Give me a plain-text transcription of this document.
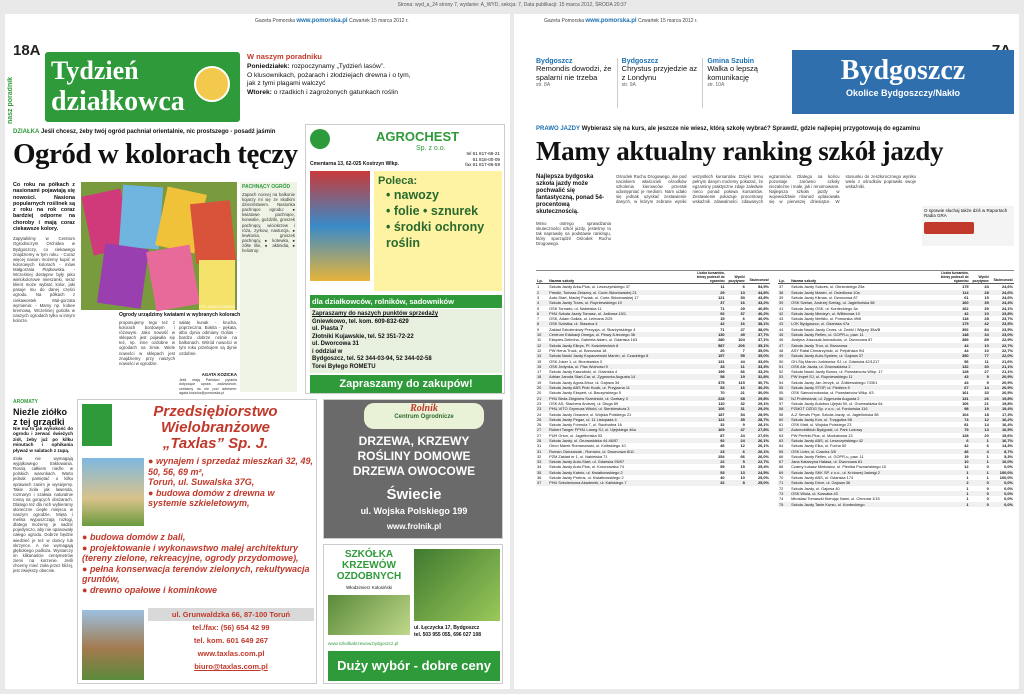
Strona: wyd_a_24 strony 7, wydanie: A_WYD, sekcja: 7, Data publikacji: 15 marca 2012, ŚRODA 20:37
Gazeta Pomorska www.pomorska.pl Czwartek 15 marca 2012 r.
18A
nasz poradnik
Tydzień
działkowca
W naszym poradniku
Poniedziałek: rozpoczynamy „Tydzień lasów”.
O klusownikach, pożarach i złodziejach drewna i o tym,
jak z tymi plagami walczyć
Wtorek: o rzadkich i zagrożonych gatunkach roślin
DZIAŁKA Jeśli chcesz, żeby twój ogród pachniał orientalnie, nic prostszego - posadź jaśmin
Ogród w kolorach tęczy
Co roku na półkach z nasionami pojawiają się nowości. Nasiona popularnych roślinek są z roku na rok coraz bardziej odporne na choroby i mają coraz ciekawsze kolory.
Zapytaliśmy w Centrum Ogrodniczym Orchidea w Bydgoszczy, co ciekawego znajdziemy w tym roku. - Coraz więcej nasion możemy kupić w kolorowych kolorach - mówi Małgorzata Piątkowska. - Wcześniej dostępne były jako wielokolorowe mieszanki, teraz klient może wybrać kolor, jaki pasuje mu do danej części ogrodu. Na półkach z ciekawostek Mal-gorzata wymienia: - Mamy np. kobee kremową. Wcześniej gościła w naszych ogrodach tylko w innym kolorze.
FOT. AGATA KOZICKA
Ogrody urządzimy kwiatami w wybranych kolorach
PACHNĄCY OGRÓD
Zapach nocnej na balkonie kojarzy mi się ze słodkim dzieciństwem. Nasionka pachnące ogrodu: ● kwiatowe pachnące, konwalie, gożdziki, groszek pachnący, wiciokrzew i róża, zyrkow, nasturcja, ● lewkonia, groszek pachnący, ● kotewka, ● żółte lilie, ● aktinidia, ● heliotrop
proponujemy tego też z kolorach bordowym i różowym. Jako nowość w sklepach jest pojawiła się też, np. inne ozdobne w ogrodach na zimie. Wiele nowości w sklepach jest znajdziemy przy naszych nowości w ogrodzie.
sałatę kunak - krucha, poprzeczna. Bokita - pękata, albo dynia odmiany Golias - bardzo dobrze rośnie na balkonach. Wśród nowości w tym roku przebojem są dynie ozdobne.
AGATA KOZICKA
Jeśli mają Państwo pytania dotyczące upraw, zadzwońcie, czekamy na nie pod adresem: agata.kozicka@pomorska.pl
AGROCHEST
Sp. z o.o.
Cmentarna 13, 62-025 Kostrzyn Wlkp.
tel 61 817-66-21
61 818-00-09
fax 61 817-66-59
Poleca:
• nawozy
• folie • sznurek
• środki ochrony roślin
dla działkowców, rolników, sadowników
Zapraszamy do naszych punktów sprzedaży
Gniewkowo, tel. kom. 609-832-629
ul. Piasta 7
Złotniki Kujawskie, tel. 52 351-72-22
ul. Dworcowa 31
i oddział w
Bydgoszcz, tel. 52 344-03-94, 52 344-02-58
Torei Byłego ROMETU
Zapraszamy do zakupów!
AROMATY
Nieźle ziółko z tej grządki
Nie ma to jak wysokość do ogrodu i zerwać świeżych ziół, żeby już po kilku minutach i ophikania pływaż w salatach z zupą.
Zioła nie wymagają wyjątkowego traktowania. Rosną całkiem nieźle w polskich warunkach. Warto jednak pamiętać o kilku sprawach zanim je wysiejemy. Takie zioła jak lawenda, rozmaryn i szałwia naturalnie rosną na gorących obszarach. Dlatego też dla nich wybieramy słoneczne ciepłe miejsca w naszym ogrodzie. Mięta i melisa wypuszczają rozłogi, dlatego możemy je sadzić pojedynczo, aby nie opanowały całego ogrodu. Dobrze będzie wiedzieć je też w donicy lub skrzynce. A nie wymagają głębokiego podłoża. Wystarczy im kilkanaście centymetrów ziemi na korzenie. Jeśli chcemy mieć zioła przez bliżej, jest zwiększy obecnie.
Przedsiębiorstwo
Wielobranżowe
„Taxlas” Sp. J.
● wynajem i sprzedaż mieszkań 32, 49, 50, 56, 69 m²,
Toruń, ul. Suwalska 37G,
● budowa domów z drewna w systemie szkieletowym,
● budowa domów z bali,
● projektowanie i wykonawstwo małej architektury (tereny zielone, rekreacyjne, ogrody przydomowe),
● pełna konserwacja terenów zielonych, rekultywacja gruntów,
● drewno opałowe i kominkowe
ul. Grunwaldzka 66, 87-100 Toruń
tel./fax: (56) 654 42 99
tel. kom. 601 649 267
www.taxlas.com.pl
biuro@taxlas.com.pl
Rolnik
Centrum Ogrodnicze
DRZEWA, KRZEWY
ROŚLINY DOMOWE
DRZEWA OWOCOWE
Świecie
ul. Wojska Polskiego 199
www.frolnik.pl
SZKÓŁKA
KRZEWÓW
OZDOBNYCH
Włodzimierz Kołosiński
ul. Łęczycka 17, Bydgoszcz
tel. 503 955 055, 696 027 108
www.szkolkakrzewow.bydgoszcz.pl
Duży wybór - dobre ceny
Gazeta Pomorska www.pomorska.pl Czwartek 15 marca 2012 r.
Bydgoszcz
Remondis dowodzi, że spalarni nie trzeba
str. 8A
Bydgoszcz
Chrystus przyjedzie az z Londynu
str. 9A
Gmina Szubin
Walka o lepszą komunikację
str. 10A	Bydgoszcz
Okolice Bydgoszczy/Nakło
PRAWO JAZDY Wybierasz się na kurs, ale jeszcze nie wiesz, którą szkołę wybrać? Sprawdź, gdzie najlepiej przygotowują do egzaminu
Mamy aktualny ranking szkół jazdy
Najlepsza bydgoska szkoła jazdy może pochwalić się fantastyczną, ponad 54-procentową skutecznością.
Mimo ostrego sprawdzania skuteczności szkół jazdy, jesteśmy to tak naprawdę na podstawie rankingu, który sporządził Ośrodek Ruchu Drogowego.
Ośrodek Ruchu Drogowego, ale pod naciskiem właścicieli ośrodków szkolenia kierowców przestał udostępniać je mediom. Nam udało się jednak uzyskać zestawienie danych, w którym zebrane wyniki wszystkich kursantów. Dzięki temu pełnym danym możemy pokazać, że egzaminy praktyczne zdaje zaledwie nieco ponad połowa kursantów. Zestawienie pokazuje procentowy wskaźnik zdawalności zdawanych egzaminów. Dlatego na końcu pozostaje zarówno szkoły niezależne i małe, jak i renomowane. Najlepsza szkoła jazdy w województwie również uplasowała się w pierwszej dziesiątce. W stosunku do zeszłorocznego wyniku wielu z ośrodków poprawiło swoje wskaźniki.
O sprawie słuchaj także dziś w Raportach Radia GRA
Lp.	Nazwa szkoły	Liczba kursantów, którzy podeszli do egzaminu	Wyniki pozytywne	Skuteczność
1	Szkoła Jazdy Arka-Plus, ul. Leszczyńskiego 37	11	6	54,5%
2	Prestiż, Tomasz Żelazny, ul. Curie-Skłodowskiej 21	29	13	44,8%
3	Auto-Start, Maciej Puziak, ul. Curie-Skłodowskiej 17	121	53	43,8%
4	Szkoła Jazdy Trans, ul. Rupniewskiego 10	37	16	43,2%
5	OSK Tornado, ul. Nakielska 11	71	29	40,8%
6	PHU Szkoła Jazdy Tomasz, ul. Jodłowa 15/1	92	37	40,2%
7	OSK, Adam Gallas, ul. Lelmana 2/25	15	6	40,0%
8	OSK Szóstka, ul. Staszica 4	42	16	38,1%
9	Zakład Szkoleniowy Precyzja, ul. Skarżyńskiego 4	71	27	38,0%
10	Centrum Edukacji Omega, ul. Płowy 8-lecnego 38	130	49	37,7%
11	Ekspres-Delecha, Gabriela Adam, ul. Gdańska 163	280	104	37,1%
12	Szkoła Jazdy Elkrys, Pl. Kościeleckich 8	587	206	35,1%
12	PW Hena-Truck, ul. Brzozowa 18	20	7	35,0%
14	Szkoła Nauki Jazdy Kopaczewski Marcin, ul. Czackiego 8	157	55	35,0%
15	OSK Joker 1, ul. Broniewska 3	131	44	33,6%
15	OSK Jedynka, ul. Plac Wolności 9	33	11	33,3%
17	Szkoła Jazdy Kaszubski, ul. Gdańska 4	199	66	33,2%
18	Adrian Jaroda Start-Car, ul. Zygmunta Augusta 14	58	19	32,8%
19	Szkoła Jazdy Agora-Mroz, ul. Gajowa 34	375	115	30,7%
20	Szkoła Jazdy ABS Piotr Kocik, ul. Przyjazna 11	53	16	30,2%
20	Szkoła Jazdy Ekspert, ul. Baczyńskiego 5	70	21	30,0%
21	PHU Beda Zbigniew Srzednicki, ul. Garbary 3	228	68	29,8%
23	OSK AS, Stachera Andrzej, ul. Długa 89	110	32	29,1%
23	PHU-VITO Grymuza Witold, ul. Sienkiewicza 3	106	31	29,2%
24	Szkoła Jazdy Gwarant, ul. Wojska Polskiego 21	187	54	28,9%
25	Szkoła Jazdy Pegaz, ul. 11 Listopada 4	122	35	28,7%
26	Szkoła Jazdy Formuła 7, ul. Swobodna 16	32	9	28,1%
27	Robert Tanger FPHU Laneg SJ, ul. Ujejskiego 46a	169	47	27,8%
27	PUH Orion, ul. Jagiellońska 53	87	24	27,6%
28	Szkoła Jazdy, ul. Grunwaldzka 44-46/57	92	24	26,1%
31	Orion Marek Romanowski, ul. Kolbskiego 10	46	12	26,1%
31	Roman Owczarzak - Romano, ul. Dworcowa 8/11	23	6	26,1%
32	PZM Zakład nr 1, ul. Nakielska 71	254	66	26,0%
33	Szkoła Jazdy Auto-Start, ul. Gdańska 95/97	22	5	22,7%
34	Szkoła Jazdy Auto-Plus, ul. Koronowska 74	59	15	25,4%
35	Szkoła Jazdy Kabrio, ul. Kwiatkowskiego 2	53	13	24,5%
36	Szkoła Jazdy Probus, ul. Kwiatkowskiego 2	40	10	25,0%
37	PHU Szkoleniowa Akademik, ul. Kaliskiego 7	32	8	25,0%
Lp.	Nazwa szkoły	Liczba kursantów, którzy podeszli do egzaminu	Wyniki pozytywne	Skuteczność
37	Szkoła Jazdy Sukces, ul. Okrzeckiego 25a	175	43	24,6%
38	Szkoła Jazdy Maxim, ul. Osiedlowa 10a	114	28	24,6%
39	Szkoła Jazdy Klimas, ul. Dworcowa 87	61	15	24,6%
39	OSK Szelan, Andrzej Szelag, ul. Jagiellońska 58	160	39	24,4%
41	Szkoła Jazdy OSK, ul. Kordeckiego 3a	162	39	24,1%
42	Szkoła Jazdy Miedzyń, ul. Wilkinowa 10	42	10	23,8%
43	Szkoła Jazdy Mefisto, ul. Pomorska 49/6	118	28	23,7%
43	LOK Bydgoszcz, ul. Gdańska 47a	179	42	23,5%
44	Szkoła Nauki Jazdy Cross, ul. Żwirki i Wigury 35a/B	392	84	23,5%
45	Szkoła Jazdy Reflex, ul. GOPR-u, paw. 11	148	34	23,0%
46	Justyna Juszczak Autoszkoła, ul. Dworcowa 87	389	89	22,9%
47	Szkoła Jazdy Thor, ul. Brzozowa	44	10	22,7%
48	ASY Rafał Chmarzyński, ul. Pelplińska 9/4	44	10	22,7%
49	Szkoła Jazdy Auto-System, ul. Gajowa 37	350	77	22,0%
50	GH-Ślą Marcin Jurkiewicz SJ, ul. Gdańska 42/1217	56	11	21,6%
51	OSK Ale Jazda, ul. Grunwaldzka 2	132	30	21,1%
52	Szkoła Nauki Jazdy Bonus, ul. Powstańców Wlkp. 17	128	27	21,1%
53	PW Impet SJ, ul. Rupniewskiego 11	43	9	20,9%
54	Szkoła Jazdy Jan Jerzyk, ul. Żółkiewskiego 7/25/1	43	9	20,9%
55	Szkoła Jazdy STOP, ul. Fiedlera 9	67	14	20,9%
55	OSK Samochodowka, ul. Powstańców Wlkp. 63	161	33	20,5%
56	NJ Profesional, ul. Zygmunta Augusta 2	131	26	19,8%
57	Szkoła Jazdy Autobus Ujejski 50, ul. Grunwaldzka 64	106	21	19,8%
58	PZMOT OZDG Sp. z o.o., ul. Fordońska 116	98	19	19,4%
58	A-Z Serwis Pryw. Szkoła Jazdy, ul. Jagiellońska 58	104	18	17,3%
60	Szkoła Jazdy Kon, ul. Trzęgutka 58	74	12	16,2%
61	OSK Matt, ul. Wojska Polskiego 23	81	14	16,4%
62	Automobilklub Bydgoski, ul. Park Ludowy	79	13	16,5%
63	PW Perfekt-Plus, ul. Modrakowa 13	128	20	15,6%
63	Szkoła Jazdy ABS, ul. Leszczyńskiego 42	6	1	16,7%
64	Szkoła Jazdy Elka, ul. Focha 50	42	6	14,3%
65	OSK Lider, ul. Czacha 3/5	46	4	8,7%
66	Szkoła Jazdy Reflex, ul. GOPR-u, paw. 11	19	1	5,3%
67	Jana Katarzyna Hałasa, ul. Dworcowa 81	10	1	10,0%
68	Czarny Łukasz Mintowicz, ul. Pienika Poznańskiego 10	12	0	0,0%
69	Szkoła Jazdy SKK SP. z o.o., ul. Królowej Jadwigi 2	1	1	100,0%
70	Szkoła Jazdy ABS, ul. Gdańska 174	1	1	100,0%
71	Szkoła Jazdy Drive, ul. Gajowa 36	2	0	0,0%
72	Szkoła Jazdy, ul. Gajowa 40	1	0	0,0%
73	OSK Wiola, ul. Kossaka 43	1	0	0,0%
74	Mirosław Tomaszki Kierując Nami, ul. Chmuna 1/15	1	0	0,0%
75	Szkoła Jazdy Tanie Kursu, ul. Kordeckiego	1	0	0,0%
